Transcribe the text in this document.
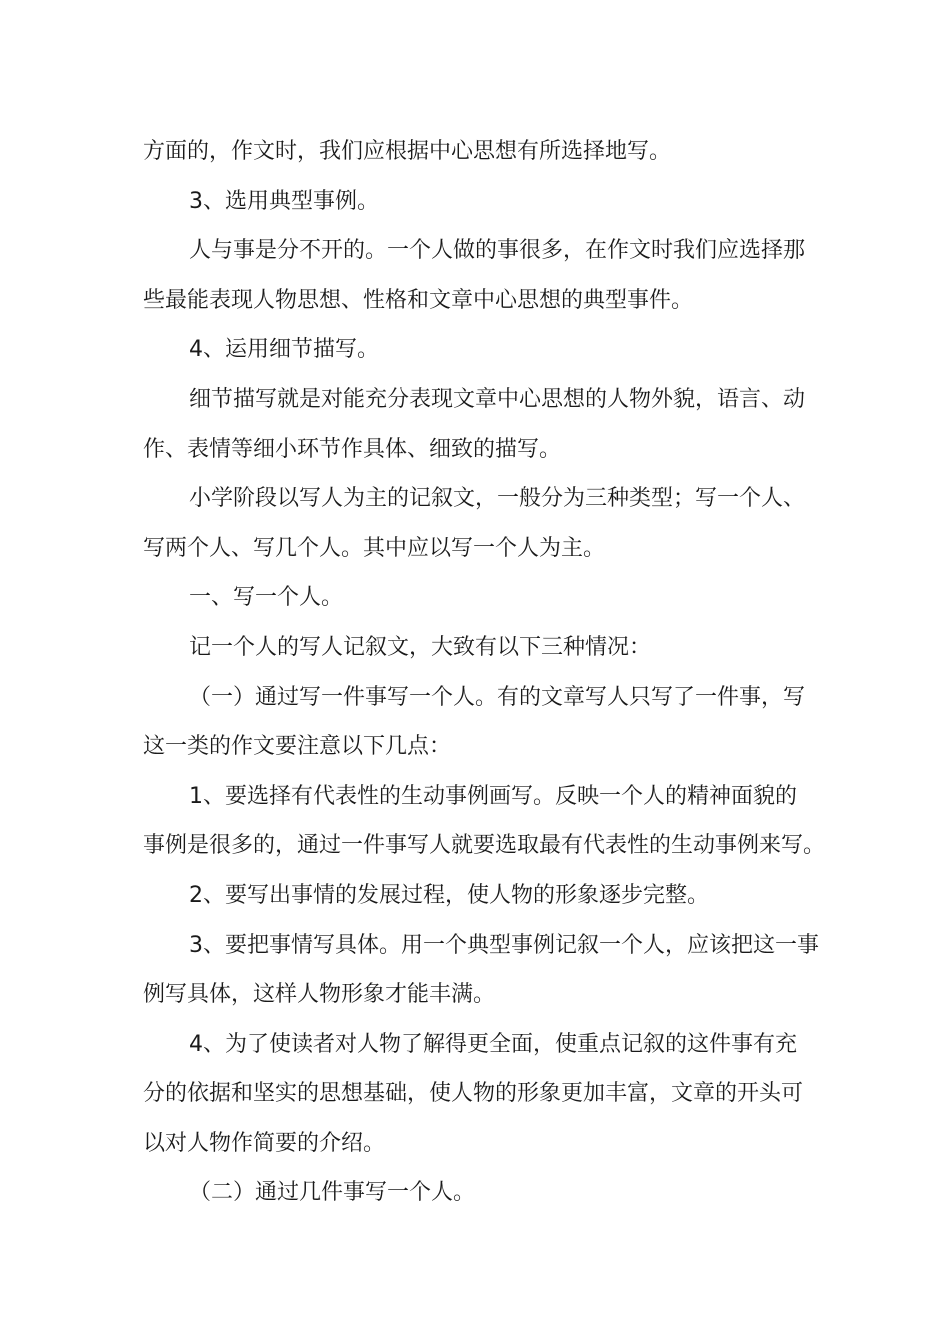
方面的，作文时，我们应根据中心思想有所选择地写。
3、选用典型事例。
人与事是分不开的。一个人做的事很多，在作文时我们应选择那
些最能表现人物思想、性格和文章中心思想的典型事件。
4、运用细节描写。
细节描写就是对能充分表现文章中心思想的人物外貌，语言、动
作、表情等细小环节作具体、细致的描写。
小学阶段以写人为主的记叙文，一般分为三种类型；写一个人、
写两个人、写几个人。其中应以写一个人为主。
一、写一个人。
记一个人的写人记叙文，大致有以下三种情况：
（一）通过写一件事写一个人。有的文章写人只写了一件事，写
这一类的作文要注意以下几点：
1、要选择有代表性的生动事例画写。反映一个人的精神面貌的
事例是很多的，通过一件事写人就要选取最有代表性的生动事例来写。
2、要写出事情的发展过程，使人物的形象逐步完整。
3、要把事情写具体。用一个典型事例记叙一个人，应该把这一事
例写具体，这样人物形象才能丰满。
4、为了使读者对人物了解得更全面，使重点记叙的这件事有充
分的依据和坚实的思想基础，使人物的形象更加丰富，文章的开头可
以对人物作简要的介绍。
（二）通过几件事写一个人。
